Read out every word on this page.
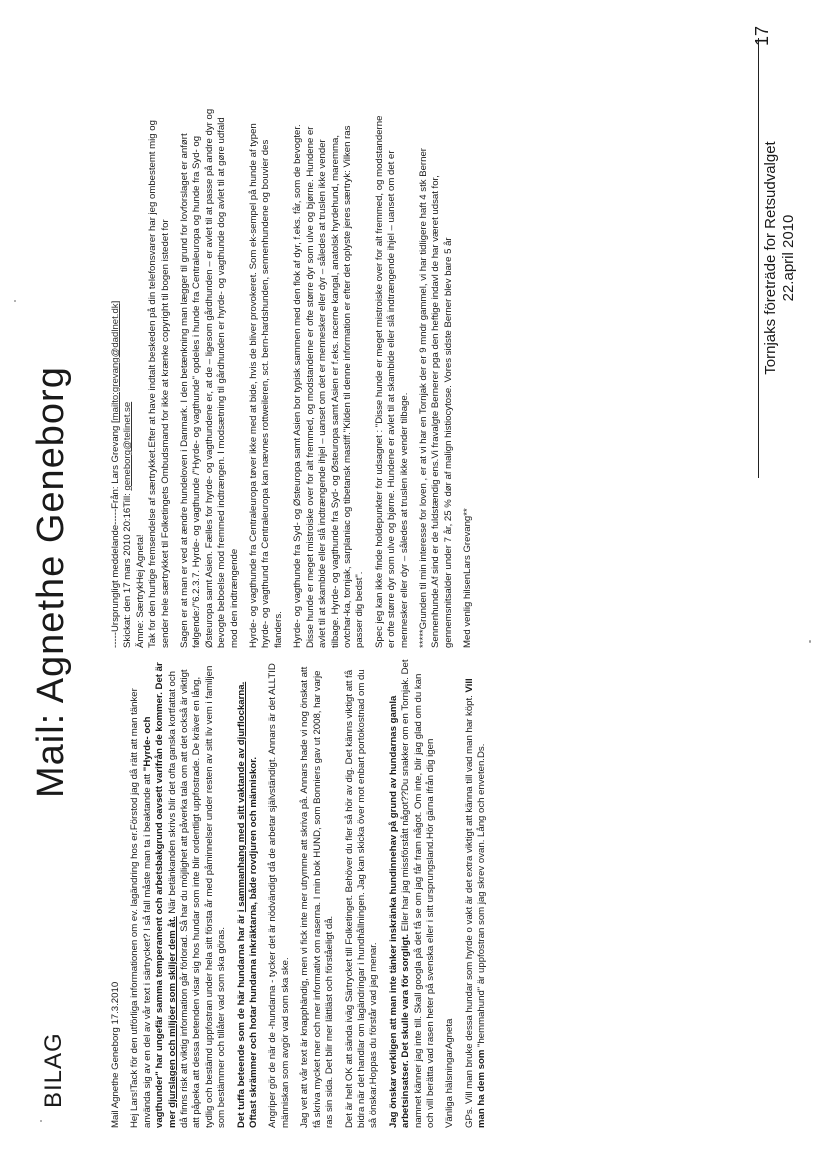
BILAG
Mail: Agnethe Geneborg

Mail Agnethe Geneborg 17.3.2010 Hej Lars!Tack för den utförliga informationen om ev. lagändring hos er.Förstod jag då rätt att man tänker använda sig av en del av vår text i särtrycket? I så fall måste man ta i beaktande att "Hyrde- och vagthunder" har ungefär samma temperament och arbetsbakgrund oavsett varifrån de kommer. Det är mer djurslagen och miljöer som skiljer dem åt. När betänkanden skrivs blir det ofta ganska kortfattat och då finns risk att viktig information går förlorad. Så har du möjlighet att påverka tala om att det också är viktigt att påpeka att dessa betenden visar sig hos hundar som inte blir ordentligt uppfostrade. De kräver en lång, tydlig och bestämd uppfostran under hela sitt första år med påminnelser under resten av sitt liv vem i familjen som bestämmer och tillåter vad som ska göras. Det tuffa beteende som de här hundarna har är i sammanhang med sitt vaktande av djurflockarna. Oftast skrämmer och hotar hundarna inkräktarna, både rovdjuren och människor. Angriper gör de när de -hundarna - tycker det är nödvändigt då de arbetar självständigt. Annars är det ALLTID människan som avgör vad som ska ske. Jag vet att vår text är knapphändig, men vi fick inte mer utrymme att skriva på. Annars hade vi nog önskat att få skriva mycket mer och mer informativt om raserna. I min bok HUND, som Bonniers gav ut 2008, har varje ras sin sida. Det blir mer lättläst och förståeligt då. Det är helt OK att sända iväg Särtrycket till Folketinget. Behöver du fler så hör av dig. Det känns viktigt att få bidra när det handlar om lagändringar i hundhållningen. Jag kan skicka över mot enbart portokostnad om du så önskar.Hoppas du förstår vad jag menar. Jag önskar verkligen att man inte tänker inskränka hundinnehav på grund av hundarnas gamla arbetsinsatser. Det skulle vara för sorgligt. Eller har jag missförstått något??Du snakker om en Tornjak. Det namnet känner jag inte till. Skall googla på det få se om jag får fram något. Om inte, blir jag glad om du kan och vill berätta vad rasen heter på svenska eller i sitt ursprungsland.Hör gärna ifrån dig igen Vänliga hälsningarAgneta GPs. Vill man bruke dessa hundar som hyrde o vakt är det extra viktigt att känna till vad man har köpt. Vill man ha dem som "hemmahund" är uppfostran som jag skrev ovan. Lång och enveten.Ds.

-----Ursprungligt meddelande-----Från: Lars Grevang [mailto:grevang@dadlnet.dk]
Skickat: den 17 mars 2010 20:16Till: geneborg@telinet.se
Ämne: SærtrykHej Agneta! Tak for den hurtige fremsendelse af særtrykket.Efter at have indtalt beskeden på din telefonsvarer har jeg ombestemt mig og sender hele særtrykket til Folketingets Ombudsmand for ikke at krænke copyright til bogen istedet for Sagen er at man er ved at ændre hundeloven i Danmark. I den betænkning man lægger til grund for lovforslaget er anført følgende:/"6.2.3.7. Hyrde- og vagthunde /"Hyrde- og vagthunde" opdeles i hunde fra Centraleuropa og hunde fra Syd- og Østeuropa samt Asien. Fælles for hyrde- og vagthundene er, at de – ligesom gårdhunden – er avlet til at passe på andre dyr og bevogte beboelse mod fremmed indtrængen. I modsætning til gårdhunden er hyrde- og vagthunde dog avlet til at gøre udfald mod den indtrængende Hyrde- og vagthunde fra Centraleuropa tøver ikke med at bide, hvis de bliver provokeret. Som ek-sempel på hunde af typen hyrde- og vagthund fra Centraleuropa kan nævnes rottweileren, sct. bern-hardshunden, sennenhundene og bouvier des flanders. Hyrde- og vagthunde fra Syd- og Østeuropa samt Asien bor typisk sammen med den flok af dyr, f.eks. får, som de bevogter. Disse hunde er meget mistroiske over for alt fremmed, og modstanderne er ofte større dyr som ulve og bjørne. Hundene er avlet til at skambide eller slå indtrængende ihjel – uanset om det er mennesker eller dyr – således at truslen ikke vender tilbage. Hyrde- og vagthunde fra Syd- og Østeuropa samt Asien er f.eks. racerne kangal, anatolsk hyrdehund, maremma, ovtchar-ka, tornjak, sarplaniac og tibetansk mastiff."Kilden til denne information er efter det oplyste jeres særtryk: Vilken ras passer dig bedst". Spec jeg kan ikke finde holdepunkter for udsagnet : "Disse hunde er meget mistroiske over for alt fremmed, og modstanderne er ofte større dyr som ulve og bjørne. Hundene er avlet til at skambide eller slå indtrængende ihjel – uanset om det er mennesker eller dyr – således at truslen ikke vender tilbage. *****Grunden til min interesse for loven , er at vi har en Tornjak der er 9 mndr gammel, vi har tidligere haft 4 stk Berner Sennenhunde.Af sind er de fuldstændig ens.Vi fravalgte Bernerer pga den heftige indavl de har været udsat for, gennemsnitsalder under 7 år, 25 % dør af malign histiocytose. Vores sidste Berner blev bare 5 år Med venlig hilsenLars Grevang**

Tornjaks företräde for Retsudvalget 22.april 2010
17
